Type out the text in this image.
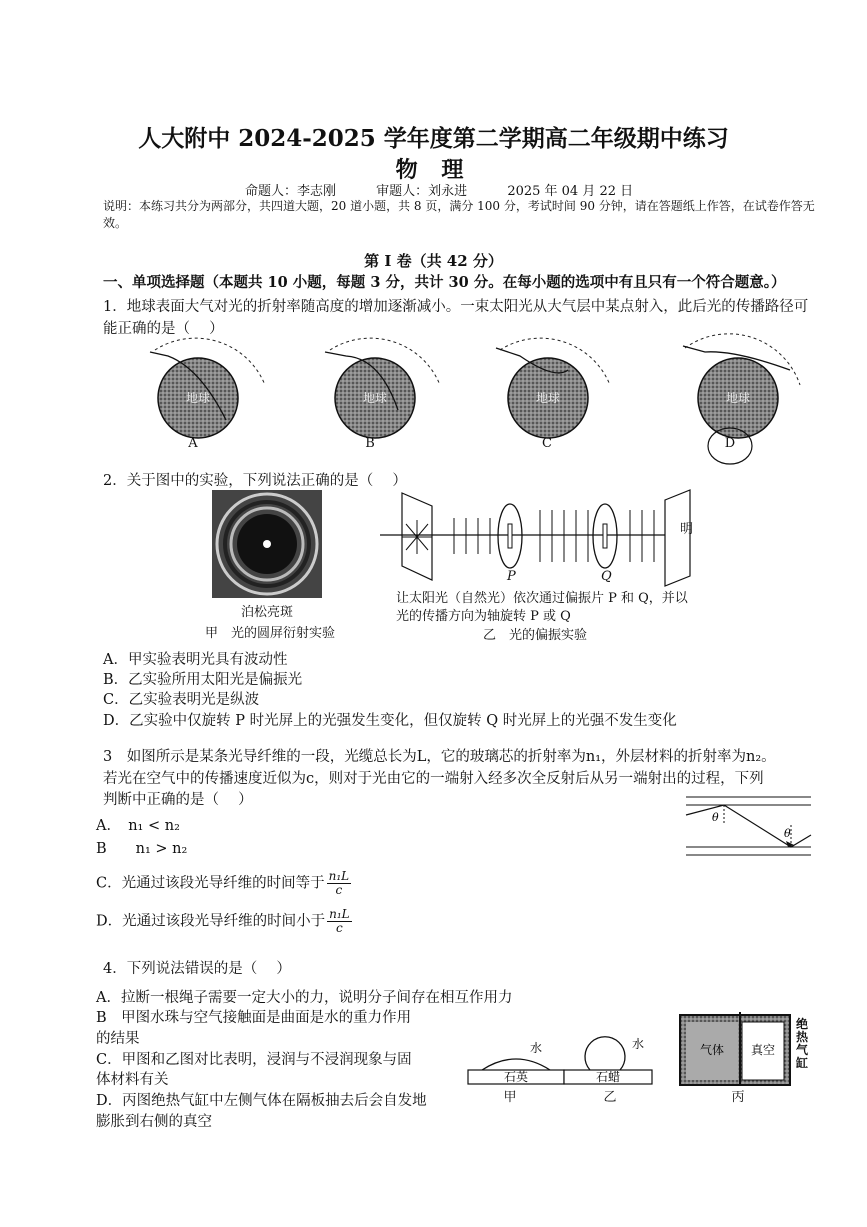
人大附中 2024-2025 学年度第二学期高二年级期中练习
物 理
命题人：李志刚	审题人：刘永进	2025 年 04 月 22 日
说明：本练习共分为两部分，共四道大题，20 道小题，共 8 页，满分 100 分，考试时间 90 分钟，请在答题纸上作答，在试卷作答无效。
第 I 卷（共 42 分）
一、单项选择题（本题共 10 小题，每题 3 分，共计 30 分。在每小题的选项中有且只有一个符合题意。）
1．地球表面大气对光的折射率随高度的增加逐渐减小。一束太阳光从大气层中某点射入，此后光的传播路径可能正确的是（　 ）
地球	地球	地球	地球
A	B	C	D
2．关于图中的实验，下列说法正确的是（　 ）
泊松亮斑
甲　光的圆屏衍射实验
明
P	Q
让太阳光（自然光）依次通过偏振片 P 和 Q，并以
光的传播方向为轴旋转 P 或 Q
乙　光的偏振实验
A．甲实验表明光具有波动性
B．乙实验所用太阳光是偏振光
C．乙实验表明光是纵波
D．乙实验中仅旋转 P 时光屏上的光强发生变化，但仅旋转 Q 时光屏上的光强不发生变化
3　如图所示是某条光导纤维的一段，光缆总长为L，它的玻璃芯的折射率为n₁，外层材料的折射率为n₂。
若光在空气中的传播速度近似为c，则对于光由它的一端射入经多次全反射后从另一端射出的过程，下列
判断中正确的是（　 ）
θ
θ
A．　n₁ < n₂
B　　n₁ > n₂
C．光通过该段光导纤维的时间等于 $\frac{\text{n₁L}}{c}$
D．光通过该段光导纤维的时间小于 $\frac{\text{n₁L}}{c}$
4．下列说法错误的是（　 ）
A．拉断一根绳子需要一定大小的力，说明分子间存在相互作用力
B　甲图水珠与空气接触面是曲面是水的重力作用
的结果
C．甲图和乙图对比表明，浸润与不浸润现象与固
体材料有关
D．丙图绝热气缸中左侧气体在隔板抽去后会自发地
膨胀到右侧的真空
石英
水
石蜡
水	气体 真空
绝热气缸
甲	乙	丙
